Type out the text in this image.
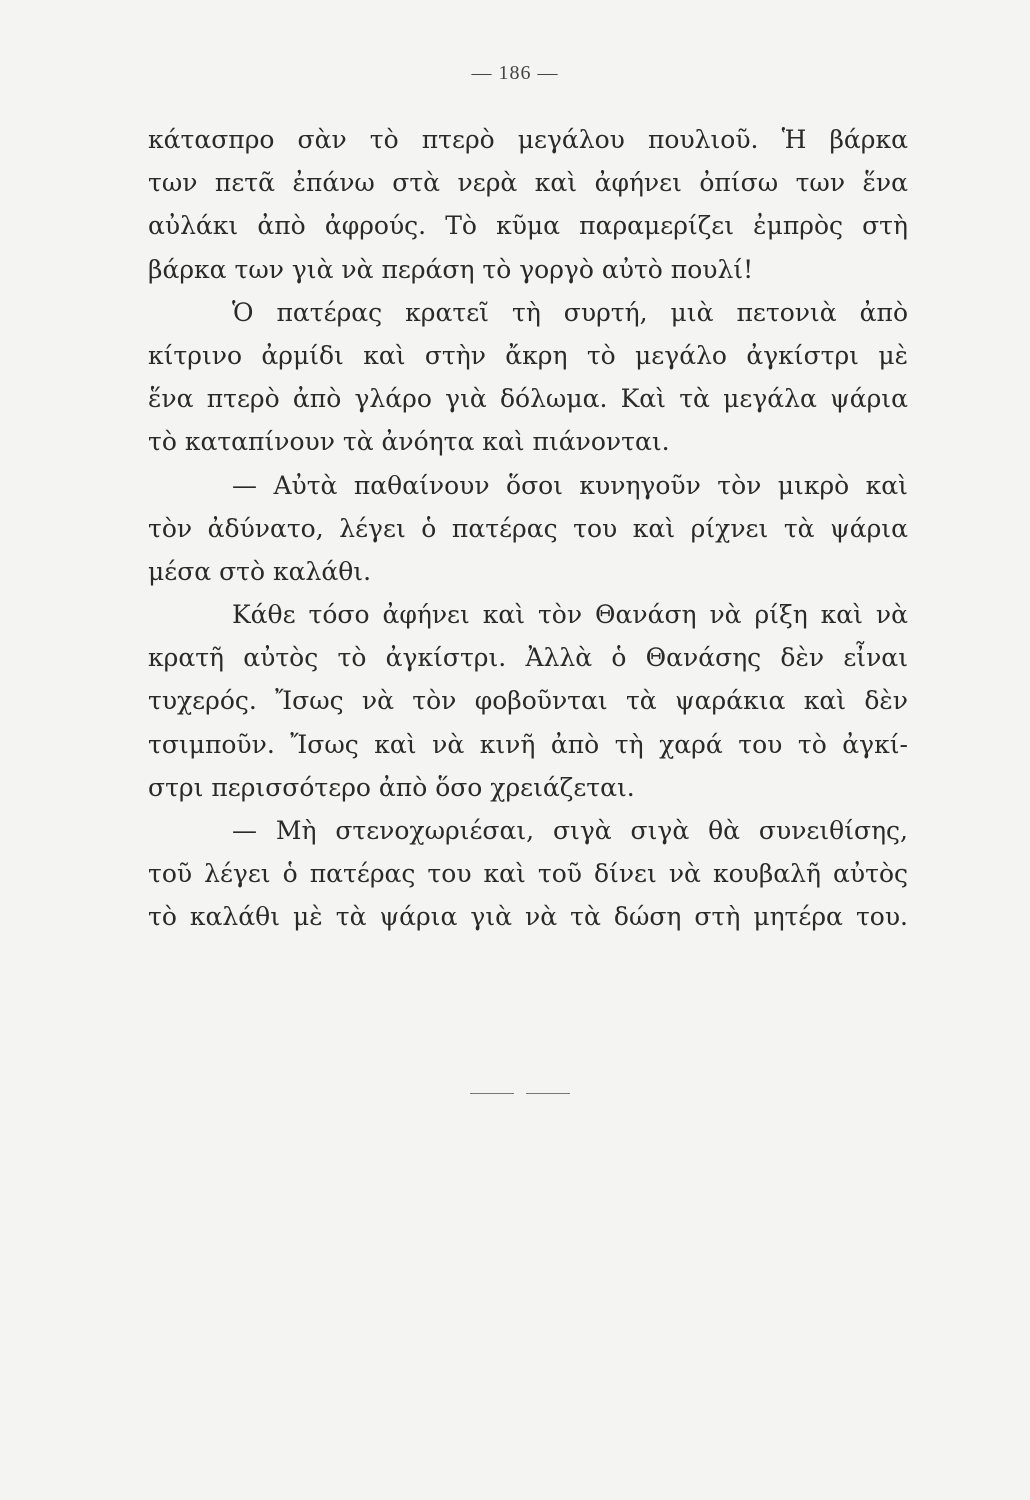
— 186 —
κάτασπρο σὰν τὸ πτερὸ μεγάλου πουλιοῦ. Ἡ βάρκα
των πετᾶ ἐπάνω στὰ νερὰ καὶ ἀφήνει ὀπίσω των ἕνα
αὐλάκι ἀπὸ ἀφρούς. Τὸ κῦμα παραμερίζει ἐμπρὸς στὴ
βάρκα των γιὰ νὰ περάση τὸ γοργὸ αὐτὸ πουλί!
Ὁ πατέρας κρατεῖ τὴ συρτή, μιὰ πετονιὰ ἀπὸ
κίτρινο ἀρμίδι καὶ στὴν ἄκρη τὸ μεγάλο ἀγκίστρι μὲ
ἕνα πτερὸ ἀπὸ γλάρο γιὰ δόλωμα. Καὶ τὰ μεγάλα ψάρια
τὸ καταπίνουν τὰ ἀνόητα καὶ πιάνονται.
— Αὐτὰ παθαίνουν ὅσοι κυνηγοῦν τὸν μικρὸ καὶ
τὸν ἀδύνατο, λέγει ὁ πατέρας του καὶ ρίχνει τὰ ψάρια
μέσα στὸ καλάθι.
Κάθε τόσο ἀφήνει καὶ τὸν Θανάση νὰ ρίξη καὶ νὰ
κρατῆ αὐτὸς τὸ ἀγκίστρι. Ἀλλὰ ὁ Θανάσης δὲν εἶναι
τυχερός. Ἴσως νὰ τὸν φοβοῦνται τὰ ψαράκια καὶ δὲν
τσιμποῦν. Ἴσως καὶ νὰ κινῆ ἀπὸ τὴ χαρά του τὸ ἀγκί-
στρι περισσότερο ἀπὸ ὅσο χρειάζεται.
— Μὴ στενοχωριέσαι, σιγὰ σιγὰ θὰ συνειθίσης,
τοῦ λέγει ὁ πατέρας του καὶ τοῦ δίνει νὰ κουβαλῆ αὐτὸς
τὸ καλάθι μὲ τὰ ψάρια γιὰ νὰ τὰ δώση στὴ μητέρα του.
